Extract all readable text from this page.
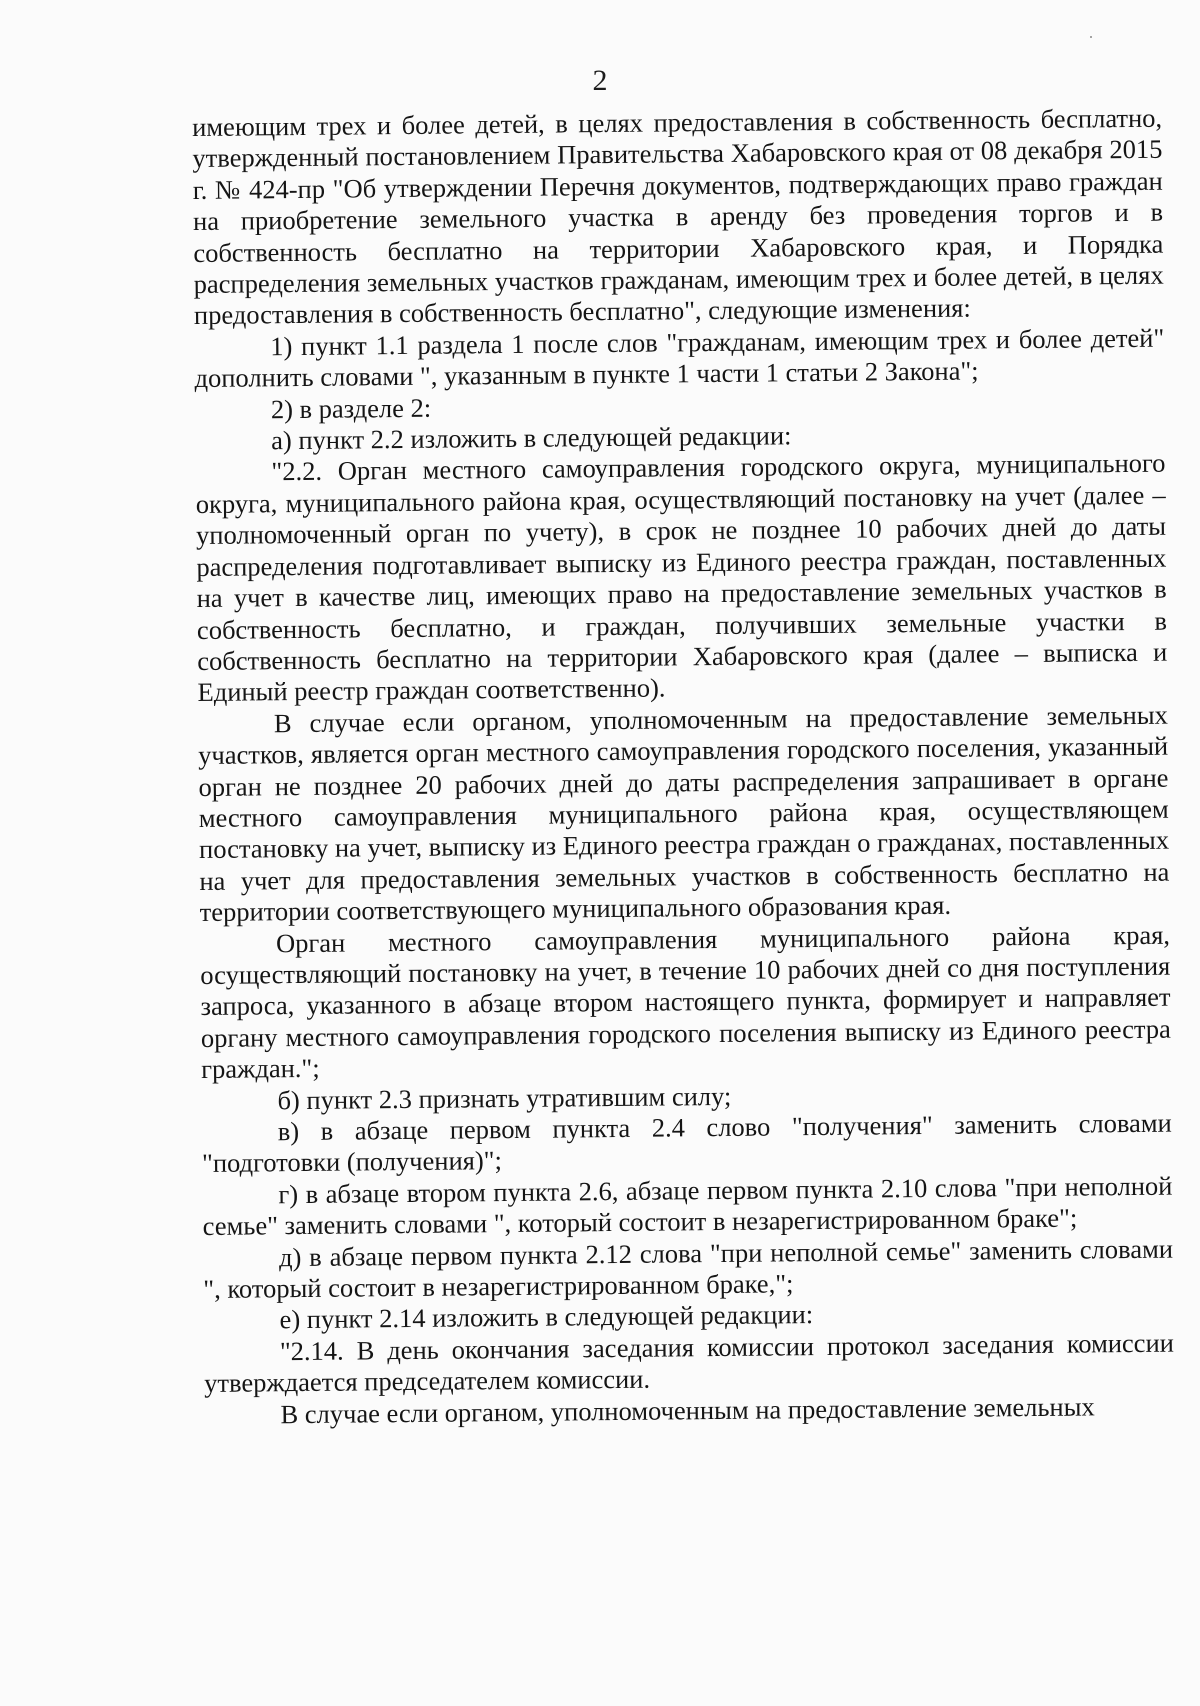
2

имеющим трех и более детей, в целях предоставления в собственность бесплатно, утвержденный постановлением Правительства Хабаровского края от 08 декабря 2015 г. № 424-пр "Об утверждении Перечня документов, подтверждающих право граждан на приобретение земельного участка в аренду без проведения торгов и в собственность бесплатно на территории Хабаровского края, и Порядка распределения земельных участков гражданам, имеющим трех и более детей, в целях предоставления в собственность бесплатно", следующие изменения:

1) пункт 1.1 раздела 1 после слов "гражданам, имеющим трех и более детей" дополнить словами ", указанным в пункте 1 части 1 статьи 2 Закона";

2) в разделе 2:

а) пункт 2.2 изложить в следующей редакции:

"2.2. Орган местного самоуправления городского округа, муниципального округа, муниципального района края, осуществляющий постановку на учет (далее – уполномоченный орган по учету), в срок не позднее 10 рабочих дней до даты распределения подготавливает выписку из Единого реестра граждан, поставленных на учет в качестве лиц, имеющих право на предоставление земельных участков в собственность бесплатно, и граждан, получивших земельные участки в собственность бесплатно на территории Хабаровского края (далее – выписка и Единый реестр граждан соответственно).

В случае если органом, уполномоченным на предоставление земельных участков, является орган местного самоуправления городского поселения, указанный орган не позднее 20 рабочих дней до даты распределения запрашивает в органе местного самоуправления муниципального района края, осуществляющем постановку на учет, выписку из Единого реестра граждан о гражданах, поставленных на учет для предоставления земельных участков в собственность бесплатно на территории соответствующего муниципального образования края.

Орган местного самоуправления муниципального района края, осуществляющий постановку на учет, в течение 10 рабочих дней со дня поступления запроса, указанного в абзаце втором настоящего пункта, формирует и направляет органу местного самоуправления городского поселения выписку из Единого реестра граждан.";

б) пункт 2.3 признать утратившим силу;

в) в абзаце первом пункта 2.4 слово "получения" заменить словами "подготовки (получения)";

г) в абзаце втором пункта 2.6, абзаце первом пункта 2.10 слова "при неполной семье" заменить словами ", который состоит в незарегистрированном браке";

д) в абзаце первом пункта 2.12 слова "при неполной семье" заменить словами ", который состоит в незарегистрированном браке,";

е) пункт 2.14 изложить в следующей редакции:

"2.14. В день окончания заседания комиссии протокол заседания комиссии утверждается председателем комиссии.

В случае если органом, уполномоченным на предоставление земельных
